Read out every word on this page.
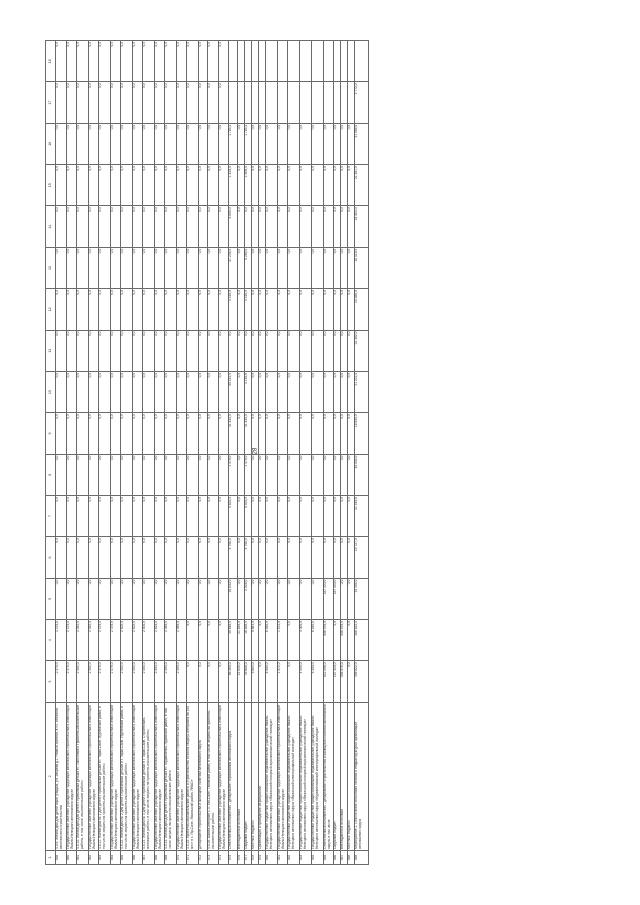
28
1	2	3	4	5	6	7	8	9	10	11	12	13	14	15	16	17	18
559	4.5.9. Жилой дом для детей сирот (Надым, ул. Зверева д.1 / Новый Уренгой, в т.ч. объектов капитального строительства	2 375,0	2 375,0	0,0	0,0	0,0	0,0	0,0	0,0	0,0	0,0	0,0	0,0	0,0	0,0	0,0	0,0
560	Государственное казенное учреждение «Дирекция капитального строительства и инвестиций Ямало-Ненецкого автономного округа»	2 375,0	2 375,0	0,0	0,0	0,0	0,0	0,0	0,0	0,0	0,0	0,0	0,0	0,0	0,0	0,0	0,0
561	4.5.10. Жилой дом для детей с приемными детьми в г. Лабытнанги. Проектно-изыскательские работы, в том числе изыскательские работы	2 392,0	2 392,0	0,0	0,0	0,0	0,0	0,0	0,0	0,0	0,0	0,0	0,0	0,0	0,0	0,0	0,0
562	Государственное казенное учреждение «Дирекция капитального строительства и инвестиций Ямало-Ненецкого автономного округа»	2 392,0	2 392,0	0,0	0,0	0,0	0,0	0,0	0,0	0,0	0,0	0,0	0,0	0,0	0,0	0,0	0,0
563	4.5.11. Жилой дом № 1 для детей с приемными детьми в г. Тарко-Сале. Пурпейский район, в том числе затраты на проектно-изыскательские работы	2 379,0	2 379,0	0,0	0,0	0,0	0,0	0,0	0,0	0,0	0,0	0,0	0,0	0,0	0,0	0,0	0,0
564	Государственное казенное учреждение «Дирекция капитального строительства и инвестиций Ямало-Ненецкого автономного округа»	2 379,0	2 379,0	0,0	0,0	0,0	0,0	0,0	0,0	0,0	0,0	0,0	0,0	0,0	0,0	0,0	0,0
565	4.5.12. Жилой дом № 2 для детей с приемными детьми в г. Тарко-Сале. Пурпейский район, в том числе затраты на проектно-изыскательские работы	2 402,0	2 402,0	0,0	0,0	0,0	0,0	0,0	0,0	0,0	0,0	0,0	0,0	0,0	0,0	0,0	0,0
566	Государственное казенное учреждение «Дирекция капитального строительства и инвестиций Ямало-Ненецкого автономного округа»	2 402,0	2 402,0	0,0	0,0	0,0	0,0	0,0	0,0	0,0	0,0	0,0	0,0	0,0	0,0	0,0	0,0
567	4.5.13. Жилой дом № 3 для детей с приемными детьми в г. Тарко-Сале. Строительно-монтажные работы, в том числе затраты на проектно-изыскательские работы	2 404,0	2 404,0	0,0	0,0	0,0	0,0	0,0	0,0	0,0	0,0	0,0	0,0	0,0	0,0	0,0	0,0
568	Государственное казенное учреждение «Дирекция капитального строительства и инвестиций Ямало-Ненецкого автономного округа»	2 404,0	2 404,0	0,0	0,0	0,0	0,0	0,0	0,0	0,0	0,0	0,0	0,0	0,0	0,0	0,0	0,0
569	4.5.14. Жилой дом для детей с приемными детьми в г. Муравленко. Пуровский район, в том числе затраты на проектно-изыскательские работы	2 395,0	2 395,0	0,0	0,0	0,0	0,0	0,0	0,0	0,0	0,0	0,0	0,0	0,0	0,0	0,0	0,0
570	Государственное казенное учреждение «Дирекция капитального строительства и инвестиций Ямало-Ненецкого автономного округа»	2 395,0	2 395,0	0,0	0,0	0,0	0,0	0,0	0,0	0,0	0,0	0,0	0,0	0,0	0,0	0,0	0,0
571	4.5.15. Проектно-изыскательские работы и строительство объекта «Корпус интерната на 100 мест в с. Яр-Сале, Ямальский район, ЯНАО»	0,0	0,0	0,0	0,0	0,0	0,0	0,0	0,0	0,0	0,0	0,0	0,0	0,0	0,0	0,0	0,0
572	Департамент строительства и жилищной политики автономного округа	0,0	0,0	0,0	0,0	0,0	0,0	0,0	0,0	0,0	0,0	0,0	0,0	0,0	0,0	0,0	0,0
573	4.5.16. Школа-интернат с. с. Газ-Сале, Тазовский район, в том числе затраты на проектно-изыскательские работы	0,0	0,0	0,0	0,0	0,0	0,0	0,0	0,0	0,0	0,0	0,0	0,0	0,0	0,0	0,0	0,0
574	Государственное казенное учреждение «Дирекция капитального строительства и инвестиций Ямало-Ненецкого автономного округа»	0,0	0,0	0,0	0,0	0,0	0,0	0,0	0,0	0,0	0,0	0,0	0,0	0,0	0,0	0,0	0,0
575	Ответственный исполнитель - департамент образования автономного округа	86 265,0	39 648,0	19 840,0	4 798,5	9 823,0	1 479,0	41 444,0	90 181,0	0,0	4 149,0	57 239,0	5 699,0	1 429,0	1 783,4		
576	Внебюджетные источники	21 839,0	21 839,0	0,0	0,0	0,0	0,0	0,0	0,0	0,0	0,0	0,0	0,0	0,0	0,0		
577	Окружной бюджет	39 686,0	16 828,0	2 928,0	4 798,5	5 923,0	1 479,0	41 444,0	4 161,6	0,0	4 149,0	5 269,0	0,0	1 609,0	1 783,4		
578	Местные бюджеты	9 883,0	9 883,0	0,0	0,0	0,0	0,0	0,0	0,0	0,0	0,0	0,0	0,0	0,0	0,0		
579	Организация и проведение мероприятий	0,0	0,0	0,0	0,0	0,0	0,0	0,0	0,0	0,0	0,0	0,0	0,0	0,0	0,0		
580	Государственное бюджетное профессиональное образовательное учреждение Ямало-Ненецкого автономного округа «Ямальский полярный агроэкономический техникум»	6 550,0	6 550,0	0,0	0,0	0,0	0,0	0,0	0,0	0,0	0,0	0,0	0,0	0,0	0,0		
581	Государственное казенное учреждение «Дирекция капитального строительства и инвестиций Ямало-Ненецкого автономного округа»	1 572,0	1 572,0	0,0	0,0	0,0	0,0	0,0	0,0	0,0	0,0	0,0	0,0	0,0	0,0		
582	Государственное бюджетное профессиональное образовательное учреждение Ямало-Ненецкого автономного округа «Ямальский многопрофильный колледж»	0,0	0,0	0,0	0,0	0,0	0,0	0,0	0,0	0,0	0,0	0,0	0,0	0,0	0,0		
583	Государственное бюджетное профессиональное образовательное учреждение Ямало-Ненецкого автономного округа «Ямальский полярный агроэкономический техникум»	4 000,0	4 000,0	0,0	0,0	0,0	0,0	0,0	0,0	0,0	0,0	0,0	0,0	0,0	0,0		
584	Государственное бюджетное профессиональное образовательное учреждение Ямало-Ненецкого автономного округа «Муравленковский многопрофильный колледж»	6 450,0	6 450,0	0,0	0,0	0,0	0,0	0,0	0,0	0,0	0,0	0,0	0,0	0,0	0,0		
585	Ответственный исполнитель - департамент строительства и жилищной политики автономного округа, в том числе	922 296,0	556 976,0	187 320,0	0,0	0,0	0,0	0,0	0,0	0,0	0,0	0,0	0,0	0,0	0,0		
586	Окружной бюджет	187 320,0	0,0	187 320,0	0,0	0,0	0,0	0,0	0,0	0,0	0,0	0,0	0,0	0,0	0,0		
587	Внебюджетные источники	556 976,0	556 976,0	0,0	0,0	0,0	0,0	0,0	0,0	0,0	0,0	0,0	0,0	0,0	0,0		
588	Местные бюджеты	0,0	0,0	0,0	0,0	0,0	0,0	0,0	0,0	0,0	0,0	0,0	0,0	0,0	0,0		
589	Мероприятие 1. Обеспечение объектами питания и инфраструктурой организаций автономного округа	396 622,0	386 422,0	19 394,0	19 727,0	41 449,0	45 944,0	18 640,0	31 231,0	22 382,0	34 386,0	18 419,0	24 583,0	21 857,0	31 989,0	2 772,0	
